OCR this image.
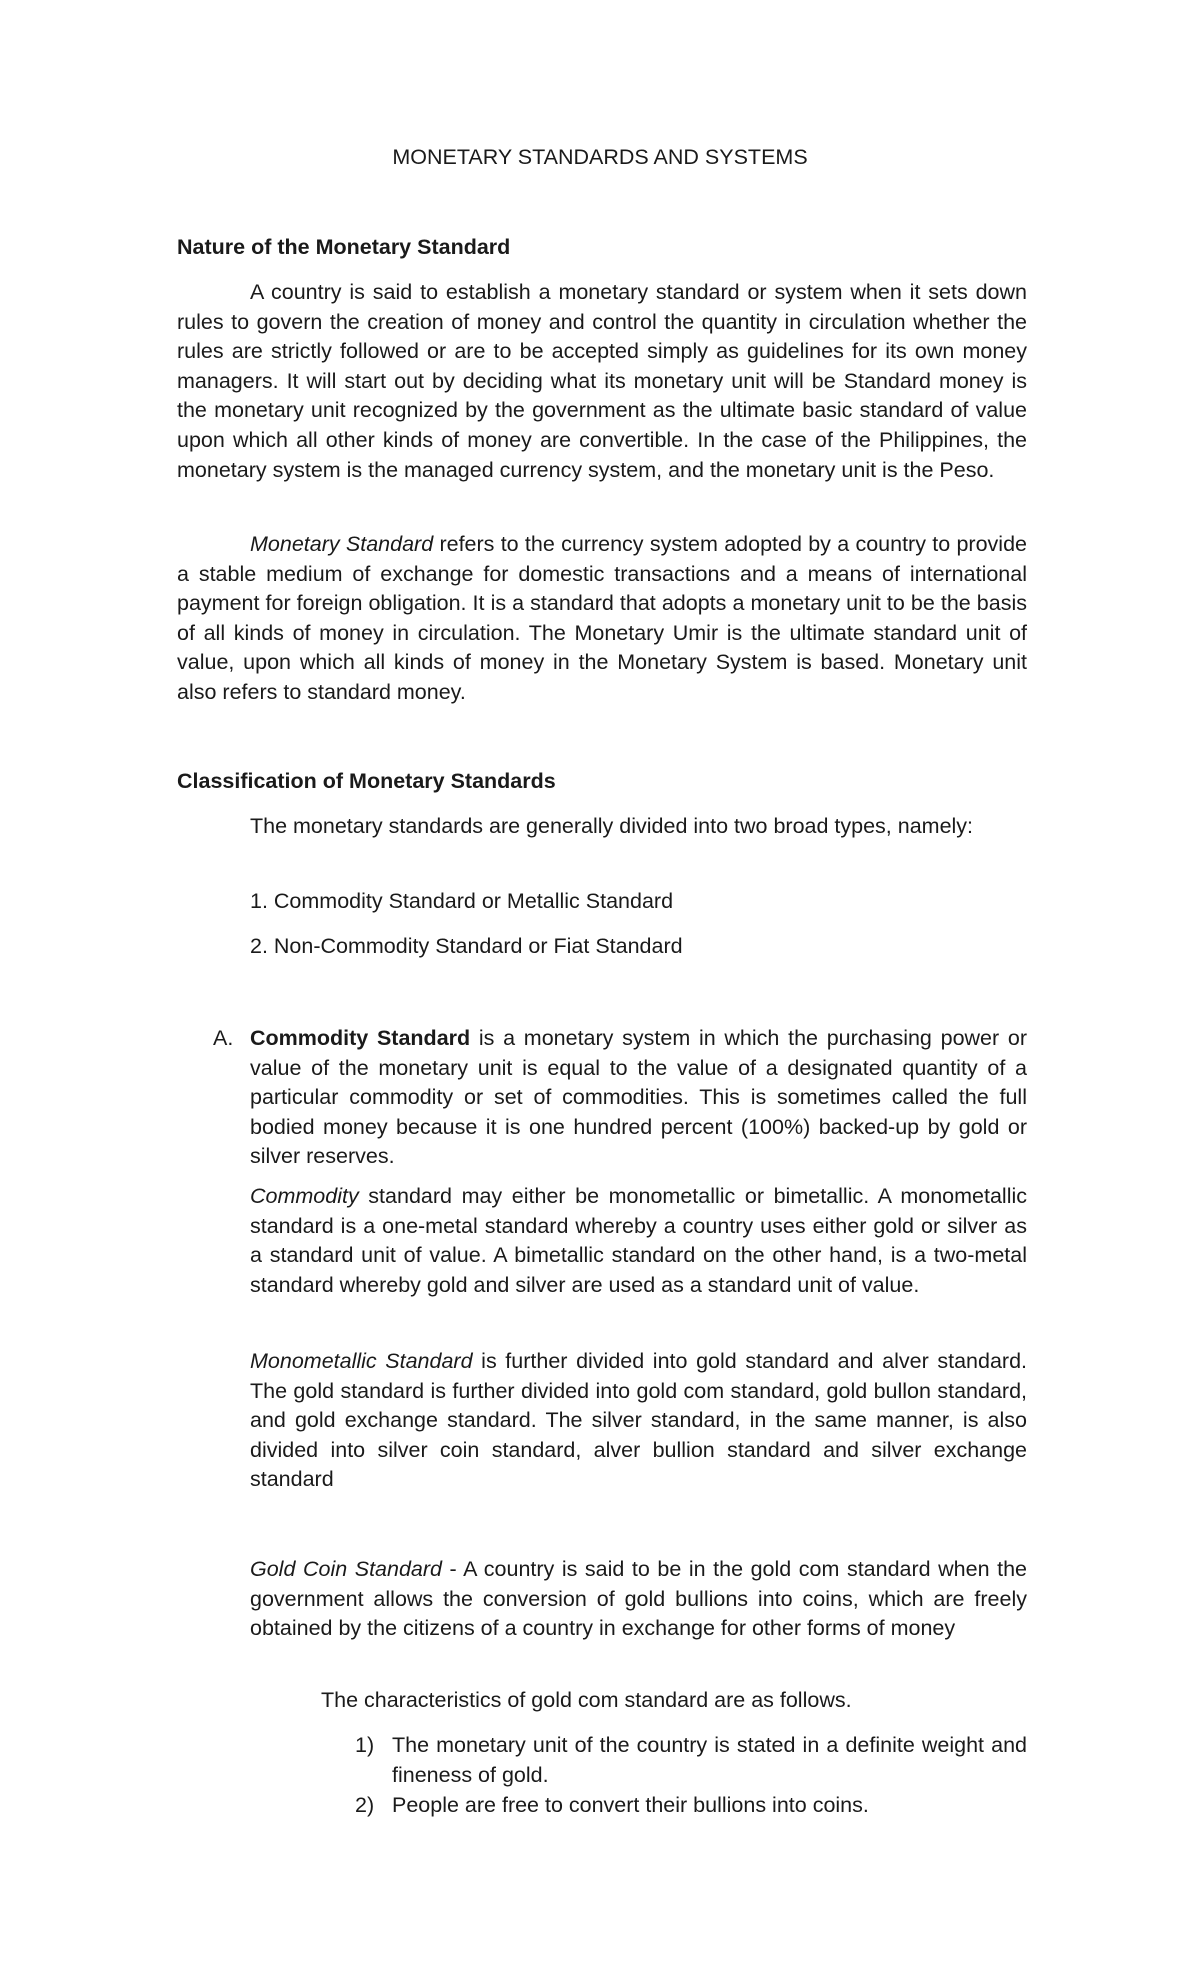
MONETARY STANDARDS AND SYSTEMS

Nature of the Monetary Standard

A country is said to establish a monetary standard or system when it sets down rules to govern the creation of money and control the quantity in circulation whether the rules are strictly followed or are to be accepted simply as guidelines for its own money managers. It will start out by deciding what its monetary unit will be Standard money is the monetary unit recognized by the government as the ultimate basic standard of value upon which all other kinds of money are convertible. In the case of the Philippines, the monetary system is the managed currency system, and the monetary unit is the Peso.

Monetary Standard refers to the currency system adopted by a country to provide a stable medium of exchange for domestic transactions and a means of international payment for foreign obligation. It is a standard that adopts a monetary unit to be the basis of all kinds of money in circulation. The Monetary Umir is the ultimate standard unit of value, upon which all kinds of money in the Monetary System is based. Monetary unit also refers to standard money.

Classification of Monetary Standards

The monetary standards are generally divided into two broad types, namely:

1. Commodity Standard or Metallic Standard

2. Non-Commodity Standard or Fiat Standard

A. Commodity Standard is a monetary system in which the purchasing power or value of the monetary unit is equal to the value of a designated quantity of a particular commodity or set of commodities. This is sometimes called the full bodied money because it is one hundred percent (100%) backed-up by gold or silver reserves.

Commodity standard may either be monometallic or bimetallic. A monometallic standard is a one-metal standard whereby a country uses either gold or silver as a standard unit of value. A bimetallic standard on the other hand, is a two-metal standard whereby gold and silver are used as a standard unit of value.

Monometallic Standard is further divided into gold standard and alver standard. The gold standard is further divided into gold com standard, gold bullon standard, and gold exchange standard. The silver standard, in the same manner, is also divided into silver coin standard, alver bullion standard and silver exchange standard

Gold Coin Standard - A country is said to be in the gold com standard when the government allows the conversion of gold bullions into coins, which are freely obtained by the citizens of a country in exchange for other forms of money

The characteristics of gold com standard are as follows.

1) The monetary unit of the country is stated in a definite weight and fineness of gold.

2) People are free to convert their bullions into coins.
